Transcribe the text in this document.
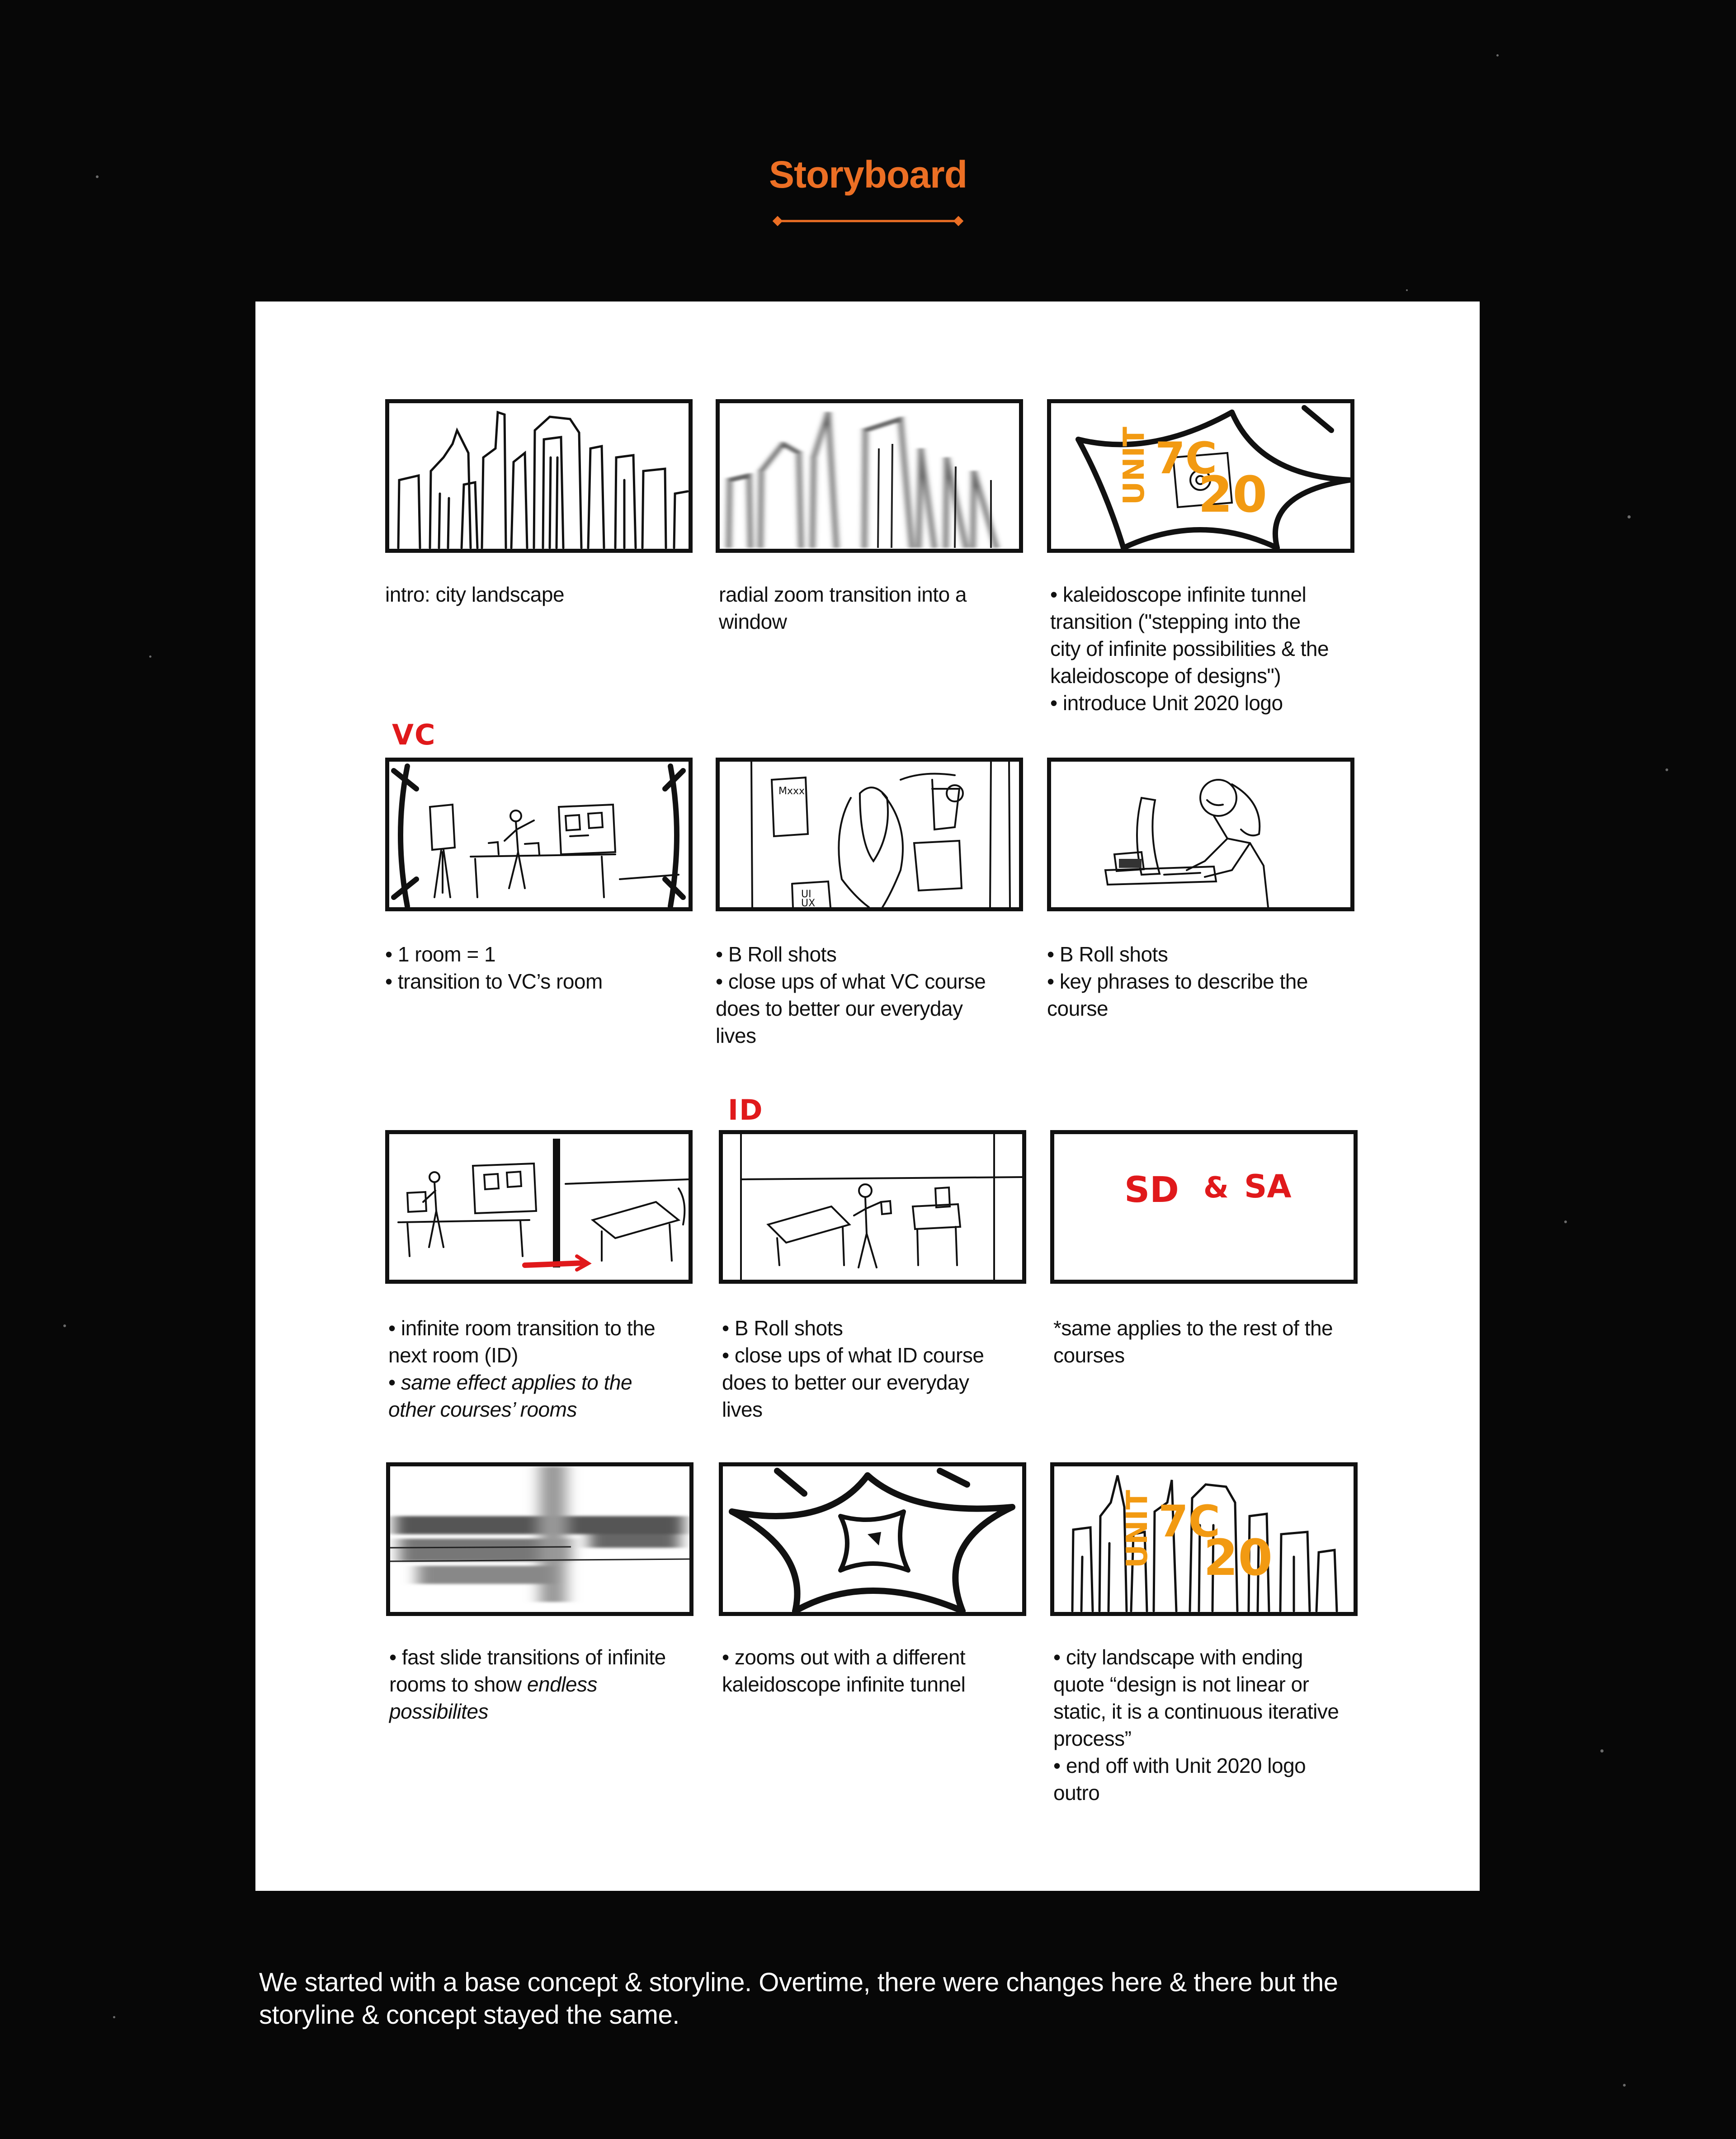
Storyboard
intro: city landscape	radial zoom transition into a
window
UNIT 7C
20
• kaleidoscope infinite tunnel
transition ("stepping into the
city of infinite possibilities & the
kaleidoscope of designs")
• introduce Unit 2020 logo
VC
• 1 room = 1
• transition to VC’s room
Mxxx
UI
UX
• B Roll shots
• close ups of what VC course
does to better our everyday
lives
• B Roll shots
• key phrases to describe the
course
• infinite room transition to the
next room (ID)
• same effect applies to the
other courses’ rooms
ID
• B Roll shots
• close ups of what ID course
does to better our everyday
lives
SD & SA
*same applies to the rest of the
courses
• fast slide transitions of infinite
rooms to show endless
possibilites
• zooms out with a different
kaleidoscope infinite tunnel
UNIT 7C
20
• city landscape with ending
quote “design is not linear or
static, it is a continuous iterative
process”
• end off with Unit 2020 logo
outro
We started with a base concept & storyline. Overtime, there were changes here & there but the
storyline & concept stayed the same.
